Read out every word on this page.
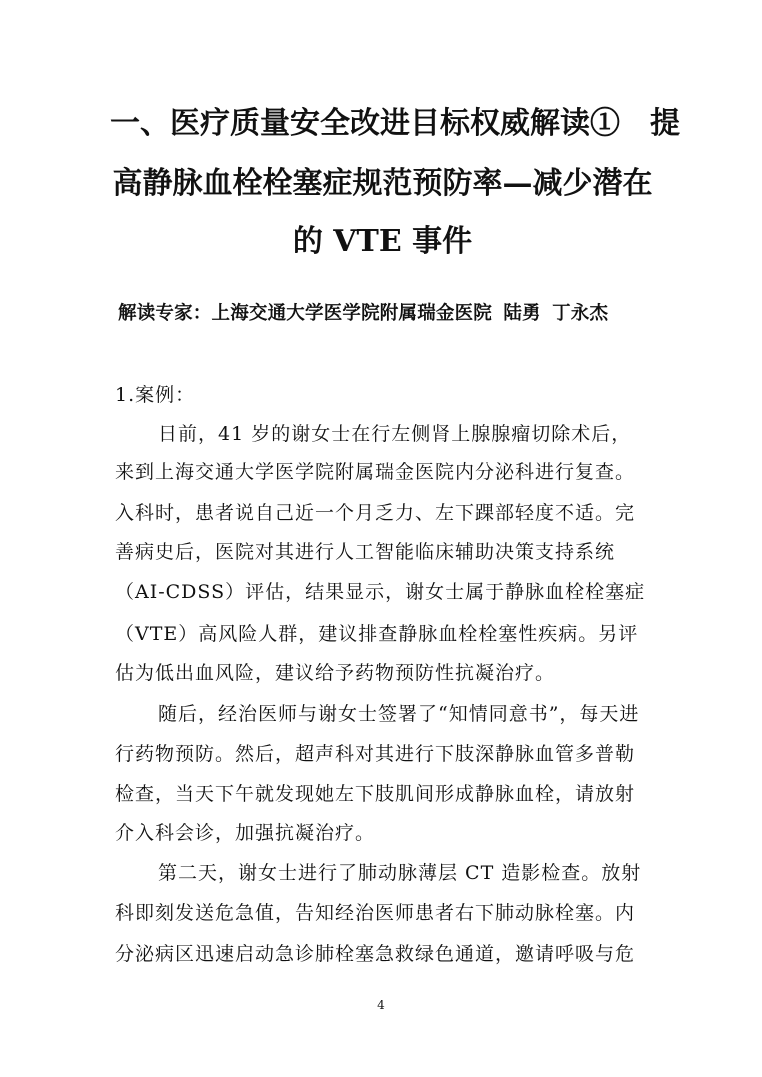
一、医疗质量安全改进目标权威解读①　提
高静脉血栓栓塞症规范预防率—减少潜在
的 VTE 事件
解读专家：上海交通大学医学院附属瑞金医院 陆勇 丁永杰
1.案例：
日前，41 岁的谢女士在行左侧肾上腺腺瘤切除术后，
来到上海交通大学医学院附属瑞金医院内分泌科进行复查。
入科时，患者说自己近一个月乏力、左下踝部轻度不适。完
善病史后，医院对其进行人工智能临床辅助决策支持系统
（AI-CDSS）评估，结果显示，谢女士属于静脉血栓栓塞症
（VTE）高风险人群，建议排查静脉血栓栓塞性疾病。另评
估为低出血风险，建议给予药物预防性抗凝治疗。
随后，经治医师与谢女士签署了“知情同意书”，每天进
行药物预防。然后，超声科对其进行下肢深静脉血管多普勒
检查，当天下午就发现她左下肢肌间形成静脉血栓，请放射
介入科会诊，加强抗凝治疗。
第二天，谢女士进行了肺动脉薄层 CT 造影检查。放射
科即刻发送危急值，告知经治医师患者右下肺动脉栓塞。内
分泌病区迅速启动急诊肺栓塞急救绿色通道，邀请呼吸与危
4
